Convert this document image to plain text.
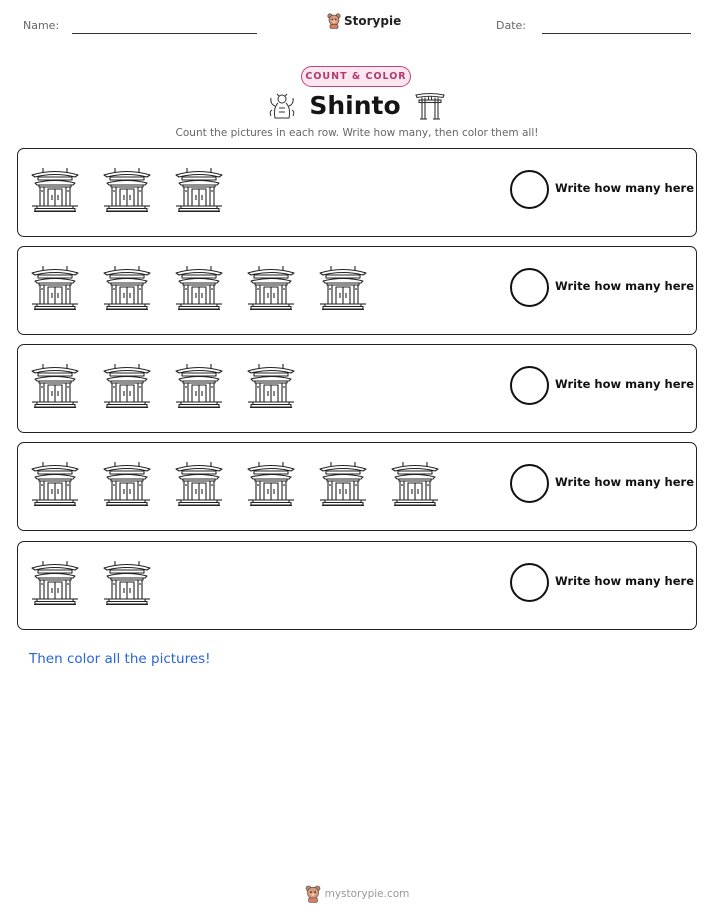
Name:	Storypie	Date:
COUNT & COLOR
Shinto
Count the pictures in each row. Write how many, then color them all!
Write how many here
Write how many here
Write how many here
Write how many here
Write how many here
Then color all the pictures!
mystorypie.com
